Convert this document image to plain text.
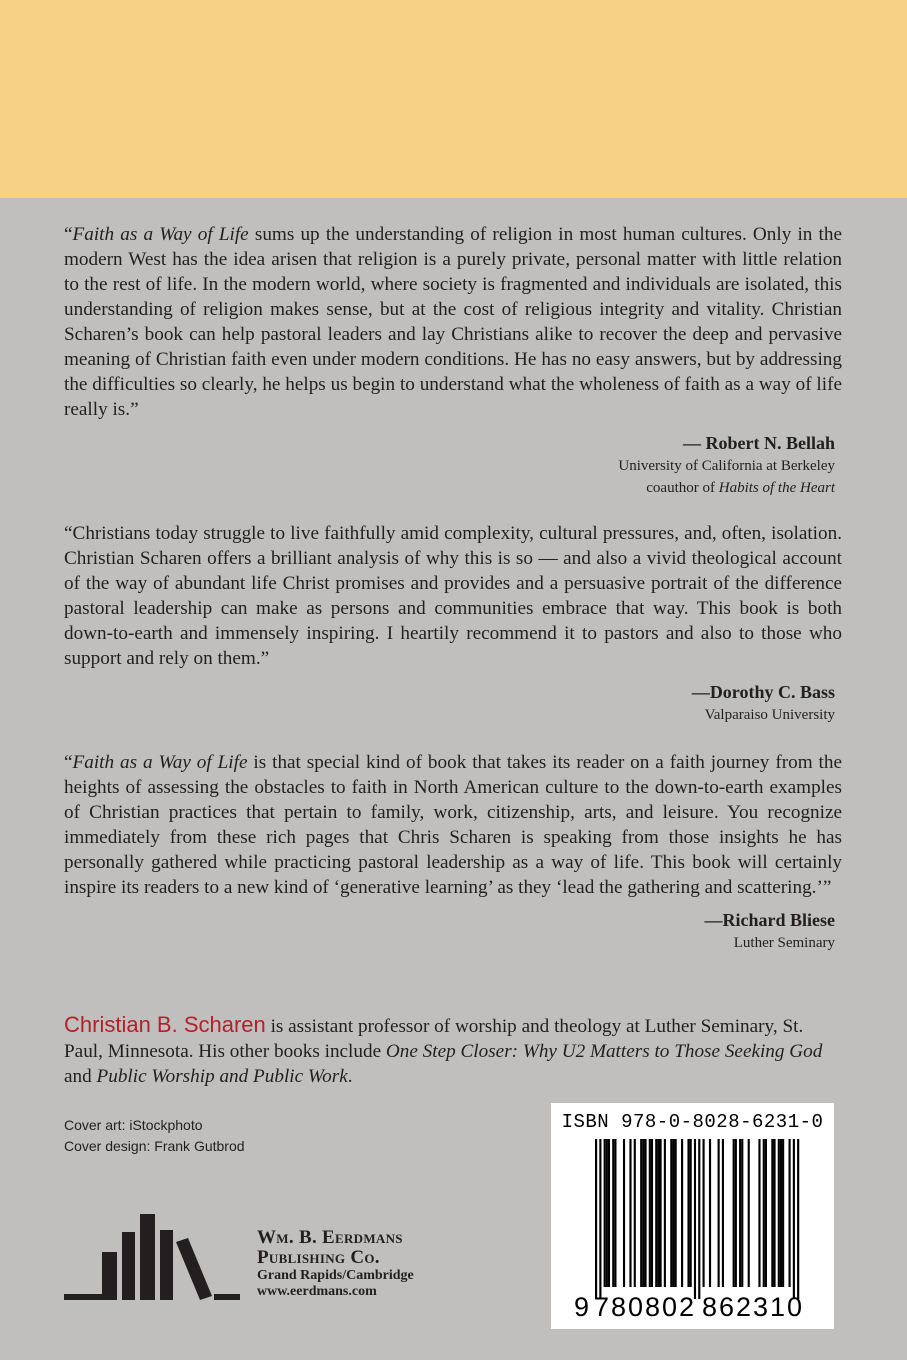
“Faith as a Way of Life sums up the understanding of religion in most human cultures. Only in the modern West has the idea arisen that religion is a purely private, personal matter with little relation to the rest of life. In the modern world, where society is fragmented and individuals are isolated, this understanding of religion makes sense, but at the cost of religious integrity and vitality. Christian Scharen’s book can help pastoral leaders and lay Christians alike to recover the deep and pervasive meaning of Christian faith even under modern conditions. He has no easy answers, but by addressing the difficulties so clearly, he helps us begin to understand what the wholeness of faith as a way of life really is.”

— Robert N. Bellah
University of California at Berkeley
coauthor of Habits of the Heart

“Christians today struggle to live faithfully amid complexity, cultural pressures, and, often, isolation. Christian Scharen offers a brilliant analysis of why this is so — and also a vivid theological account of the way of abundant life Christ promises and provides and a persuasive portrait of the difference pastoral leadership can make as persons and communities embrace that way. This book is both down-to-earth and immensely inspiring. I heartily recommend it to pastors and also to those who support and rely on them.”

—Dorothy C. Bass
Valparaiso University

“Faith as a Way of Life is that special kind of book that takes its reader on a faith journey from the heights of assessing the obstacles to faith in North American culture to the down-to-earth examples of Christian practices that pertain to family, work, citizenship, arts, and leisure. You recognize immediately from these rich pages that Chris Scharen is speaking from those insights he has personally gathered while practicing pastoral leadership as a way of life. This book will certainly inspire its readers to a new kind of ‘generative learning’ as they ‘lead the gathering and scattering.’”

—Richard Bliese
Luther Seminary

Christian B. Scharen is assistant professor of worship and theology at Luther Seminary, St. Paul, Minnesota. His other books include One Step Closer: Why U2 Matters to Those Seeking God and Public Worship and Public Work.

Cover art: iStockphoto
Cover design: Frank Gutbrod
Wm. B. Eerdmans
Publishing Co.
Grand Rapids/Cambridge
www.eerdmans.com
ISBN 978-0-8028-6231-0
9 780802 862310
